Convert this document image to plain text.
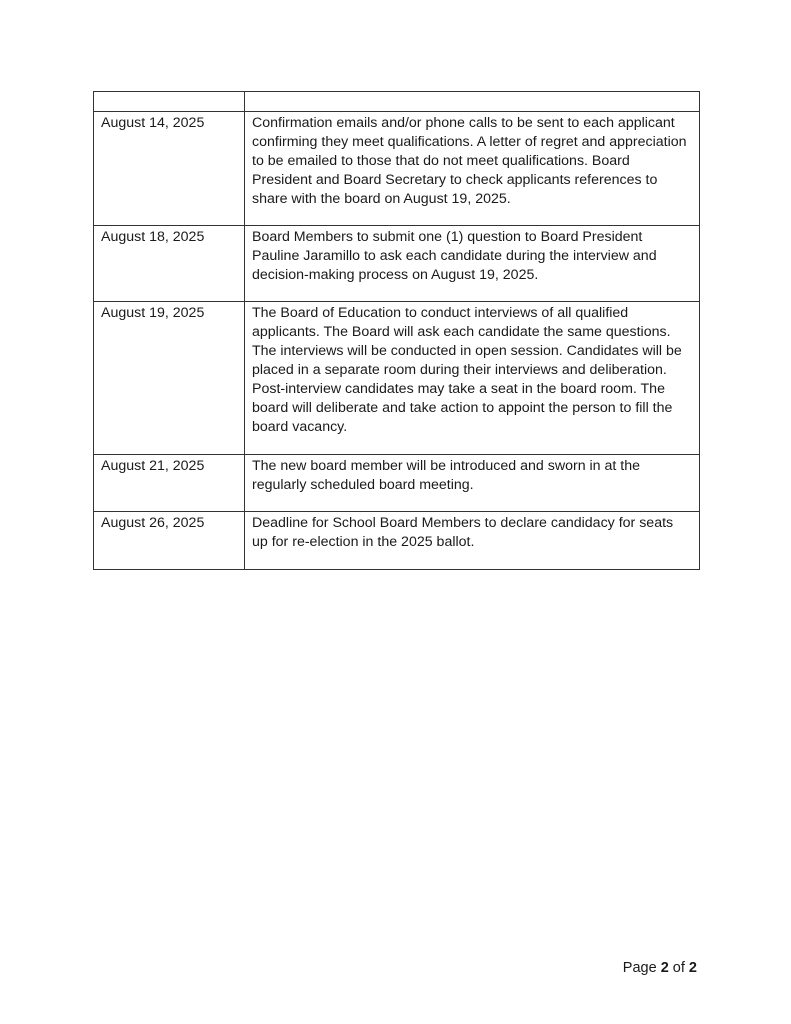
August 14, 2025	Confirmation emails and/or phone calls to be sent to each applicant confirming they meet qualifications. A letter of regret and appreciation to be emailed to those that do not meet qualifications. Board President and Board Secretary to check applicants references to share with the board on August 19, 2025.
August 18, 2025	Board Members to submit one (1) question to Board President Pauline Jaramillo to ask each candidate during the interview and decision-making process on August 19, 2025.
August 19, 2025	The Board of Education to conduct interviews of all qualified applicants. The Board will ask each candidate the same questions. The interviews will be conducted in open session. Candidates will be placed in a separate room during their interviews and deliberation. Post-interview candidates may take a seat in the board room. The board will deliberate and take action to appoint the person to fill the board vacancy.
August 21, 2025	The new board member will be introduced and sworn in at the regularly scheduled board meeting.
August 26, 2025	Deadline for School Board Members to declare candidacy for seats up for re-election in the 2025 ballot.
Page 2 of 2
